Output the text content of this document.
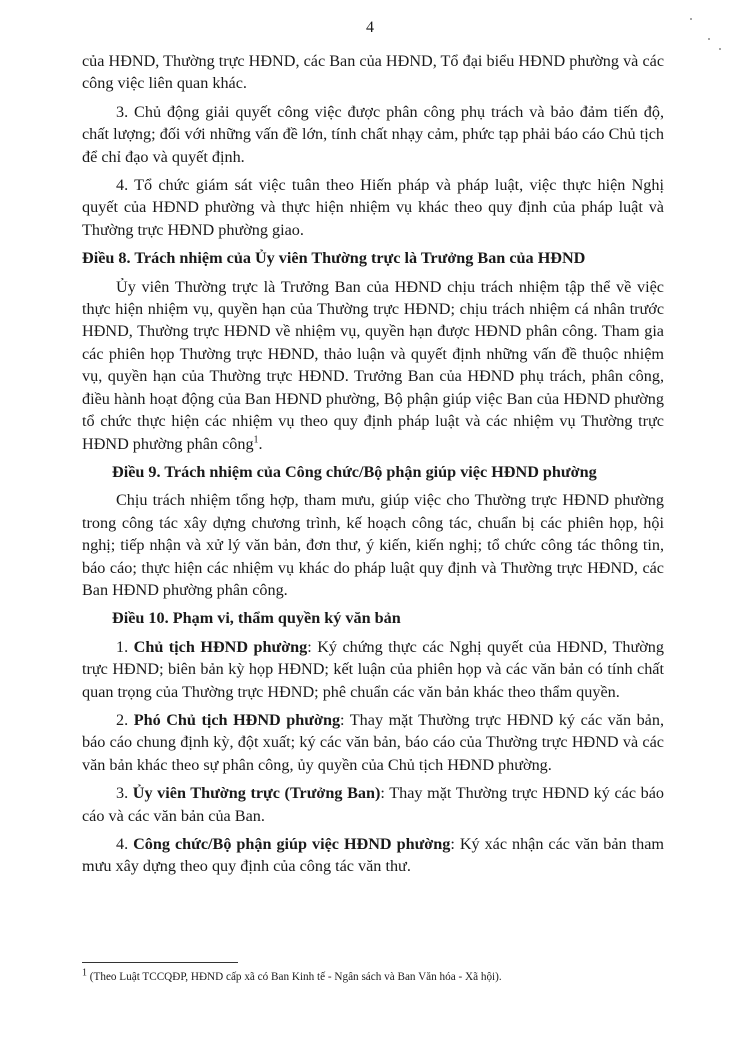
4

của HĐND, Thường trực HĐND, các Ban của HĐND, Tổ đại biểu HĐND phường và các công việc liên quan khác.

3. Chủ động giải quyết công việc được phân công phụ trách và bảo đảm tiến độ, chất lượng; đối với những vấn đề lớn, tính chất nhạy cảm, phức tạp phải báo cáo Chủ tịch để chỉ đạo và quyết định.

4. Tổ chức giám sát việc tuân theo Hiến pháp và pháp luật, việc thực hiện Nghị quyết của HĐND phường và thực hiện nhiệm vụ khác theo quy định của pháp luật và Thường trực HĐND phường giao.

Điều 8. Trách nhiệm của Ủy viên Thường trực là Trưởng Ban của HĐND

Ủy viên Thường trực là Trưởng Ban của HĐND chịu trách nhiệm tập thể về việc thực hiện nhiệm vụ, quyền hạn của Thường trực HĐND; chịu trách nhiệm cá nhân trước HĐND, Thường trực HĐND về nhiệm vụ, quyền hạn được HĐND phân công. Tham gia các phiên họp Thường trực HĐND, thảo luận và quyết định những vấn đề thuộc nhiệm vụ, quyền hạn của Thường trực HĐND. Trưởng Ban của HĐND phụ trách, phân công, điều hành hoạt động của Ban HĐND phường, Bộ phận giúp việc Ban của HĐND phường tổ chức thực hiện các nhiệm vụ theo quy định pháp luật và các nhiệm vụ Thường trực HĐND phường phân công$^1$.

Điều 9. Trách nhiệm của Công chức/Bộ phận giúp việc HĐND phường

Chịu trách nhiệm tổng hợp, tham mưu, giúp việc cho Thường trực HĐND phường trong công tác xây dựng chương trình, kế hoạch công tác, chuẩn bị các phiên họp, hội nghị; tiếp nhận và xử lý văn bản, đơn thư, ý kiến, kiến nghị; tổ chức công tác thông tin, báo cáo; thực hiện các nhiệm vụ khác do pháp luật quy định và Thường trực HĐND, các Ban HĐND phường phân công.

Điều 10. Phạm vi, thẩm quyền ký văn bản

1. Chủ tịch HĐND phường: Ký chứng thực các Nghị quyết của HĐND, Thường trực HĐND; biên bản kỳ họp HĐND; kết luận của phiên họp và các văn bản có tính chất quan trọng của Thường trực HĐND; phê chuẩn các văn bản khác theo thẩm quyền.

2. Phó Chủ tịch HĐND phường: Thay mặt Thường trực HĐND ký các văn bản, báo cáo chung định kỳ, đột xuất; ký các văn bản, báo cáo của Thường trực HĐND và các văn bản khác theo sự phân công, ủy quyền của Chủ tịch HĐND phường.

3. Ủy viên Thường trực (Trưởng Ban): Thay mặt Thường trực HĐND ký các báo cáo và các văn bản của Ban.

4. Công chức/Bộ phận giúp việc HĐND phường: Ký xác nhận các văn bản tham mưu xây dựng theo quy định của công tác văn thư.

$^1$ (Theo Luật TCCQĐP, HĐND cấp xã có Ban Kinh tế - Ngân sách và Ban Văn hóa - Xã hội).
